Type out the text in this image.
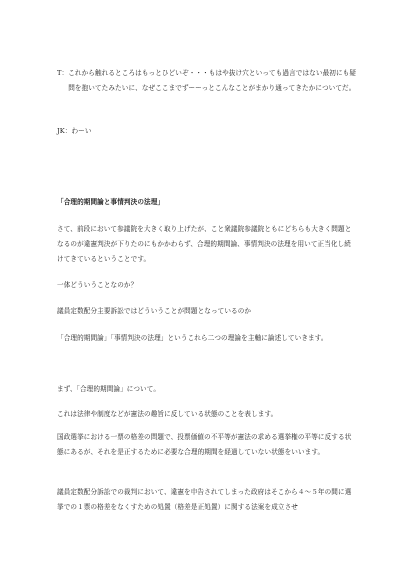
T： これから触れるところはもっとひどいぞ・・・もはや抜け穴といっても過言ではない最初にも疑問を抱いてたみたいに、なぜここまでずーーっとこんなことがまかり通ってきたかについてだ。
JK： わーい
「合理的期間論と事情判決の法理」
さて、前段において参議院を大きく取り上げたが、こと衆議院参議院ともにどちらも大きく問題となるのが違憲判決が下りたのにもかかわらず、合理的期間論、事情判決の法理を用いて正当化し続けてきているということです。
一体どういうことなのか？
議員定数配分主要訴訟ではどういうことが問題となっているのか
「合理的期間論」「事情判決の法理」というこれら二つの理論を主軸に論述していきます。
まず、「合理的期間論」について。
これは法律や制度などが憲法の趣旨に反している状態のことを表します。
国政選挙における一票の格差の問題で、投票価値の不平等が憲法の求める選挙権の平等に反する状態にあるが、それを是正するために必要な合理的期間を経過していない状態をいいます。
議員定数配分訴訟での裁判において、違憲を申告されてしまった政府はそこから４～５年の間に選挙での１票の格差をなくすための処置（格差是正処置）に関する法案を成立させ
